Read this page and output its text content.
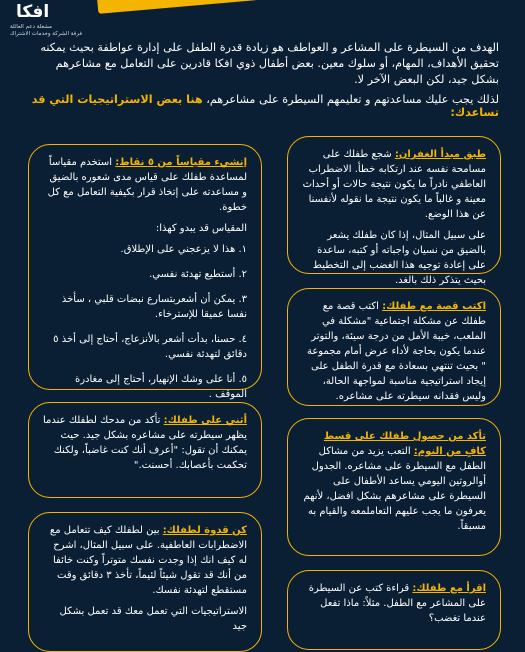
افكا
مشغلة دعم العائلة
فرقة الشركة وخدمات الاشتراك
الهدف من السيطرة على المشاعر و العواطف هو زيادة قدرة الطفل على إدارة عواطفة بحيث يمكنه تحقيق الأهداف، المهام، أو سلوك معين. بعض أطفال ذوي افكا قادرين على التعامل مع مشاعرهم بشكل جيد، لكن البعض الآخر لا.
لذلك يجب عليك مساعدتهم و تعليمهم السيطرة على مشاعرهم، هنا بعض الاستراتيجيات التي قد تساعدك:

طبق مبدأ الغفران: شجع طفلك على مسامحة نفسه عند ارتكابه خطأ. الاضطراب العاطفي نادراً ما يكون نتيجة حالات أو أحداث معينة و غالباً ما يكون نتيجة ما نقوله لأنفسنا عن هذا الوضع.

على سبيل المثال، إذا كان طفلك يشعر بالضيق من نسيان واجباته أو كتبه، ساعدة على إعادة توجيه هذا الغضب إلى التخطيط بحيث يتذكر ذلك بالغد.

اكتب قصة مع طفلك: اكتب قصة مع طفلك عن مشكلة اجتماعية "مشكلة في الملعب، خيبة الأمل من درجة سيئة، والتوتر عندما يكون بحاجة لأداء عرض أمام مجموعة " بحيث تنتهي بسعادة مع قدرة الطفل على إيجاد استراتيجية مناسبة لمواجهة الحالة، وليس فقدانه سيطرته على مشاعره.
تأكد من حصول طفلك على قسط كافٍ من النوم: التعب يزيد من مشاكل الطفل مع السيطرة على مشاعره. الجدول أوالروتين اليومي يساعد الأطفال على السيطرة على مشاعرهم بشكل افضل، لأنهم يعرفون ما يجب عليهم التعاملمعه والقيام به مسبقاً.
اقرأ مع طفلك: قراءة كتب عن السيطرة على المشاعر مع الطفل. مثلاً: ماذا تفعل عندما تغضب؟

إنشيء مقياساً من ٥ نقاط: استخدم مقياساً لمساعدة طفلك على قياس مدى شعوره بالضيق و مساعدته على إتخاذ قرار بكيفية التعامل مع كل خطوة.

المقياس قد يبدو كهذا:

١. هذا لا يزعجني على الإطلاق.
٢. أستطيع تهدئة نفسي.
٣. يمكن أن أشعربتسارع نبضات قلبي ، سأخذ نفسا عميقا للإسترخاء.
٤. حسنا، بدأت أشعر بالأنزعاج، أحتاج إلى أخذ ٥ دقائق لتهدئة نفسي.
٥. أنا على وشك الإنهيار، أحتاج إلى مغادرة الموقف .
أثني على طفلك: تأكد من مدحك لطفلك عندما يظهر سيطرته على مشاعره بشكل جيد. حيث يمكنك أن تقول: "أعرف أنك كنت غاضباً، ولكنك تحكمت بأعصابك. أحسنت."

كن قدوة لطفلك: بين لطفلك كيف تتعامل مع الاضطرابات العاطفية. على سبيل المثال، اشرح له كيف انك إذا وجدت نفسك متوتراً وكنت خائفا من أنك قد تقول شيئاً لئيماً، تأخذ ٣ دقائق وقت مستقطع لتهدئة نفسك.

الاستراتيجيات التي تعمل معك قد تعمل بشكل جيد
